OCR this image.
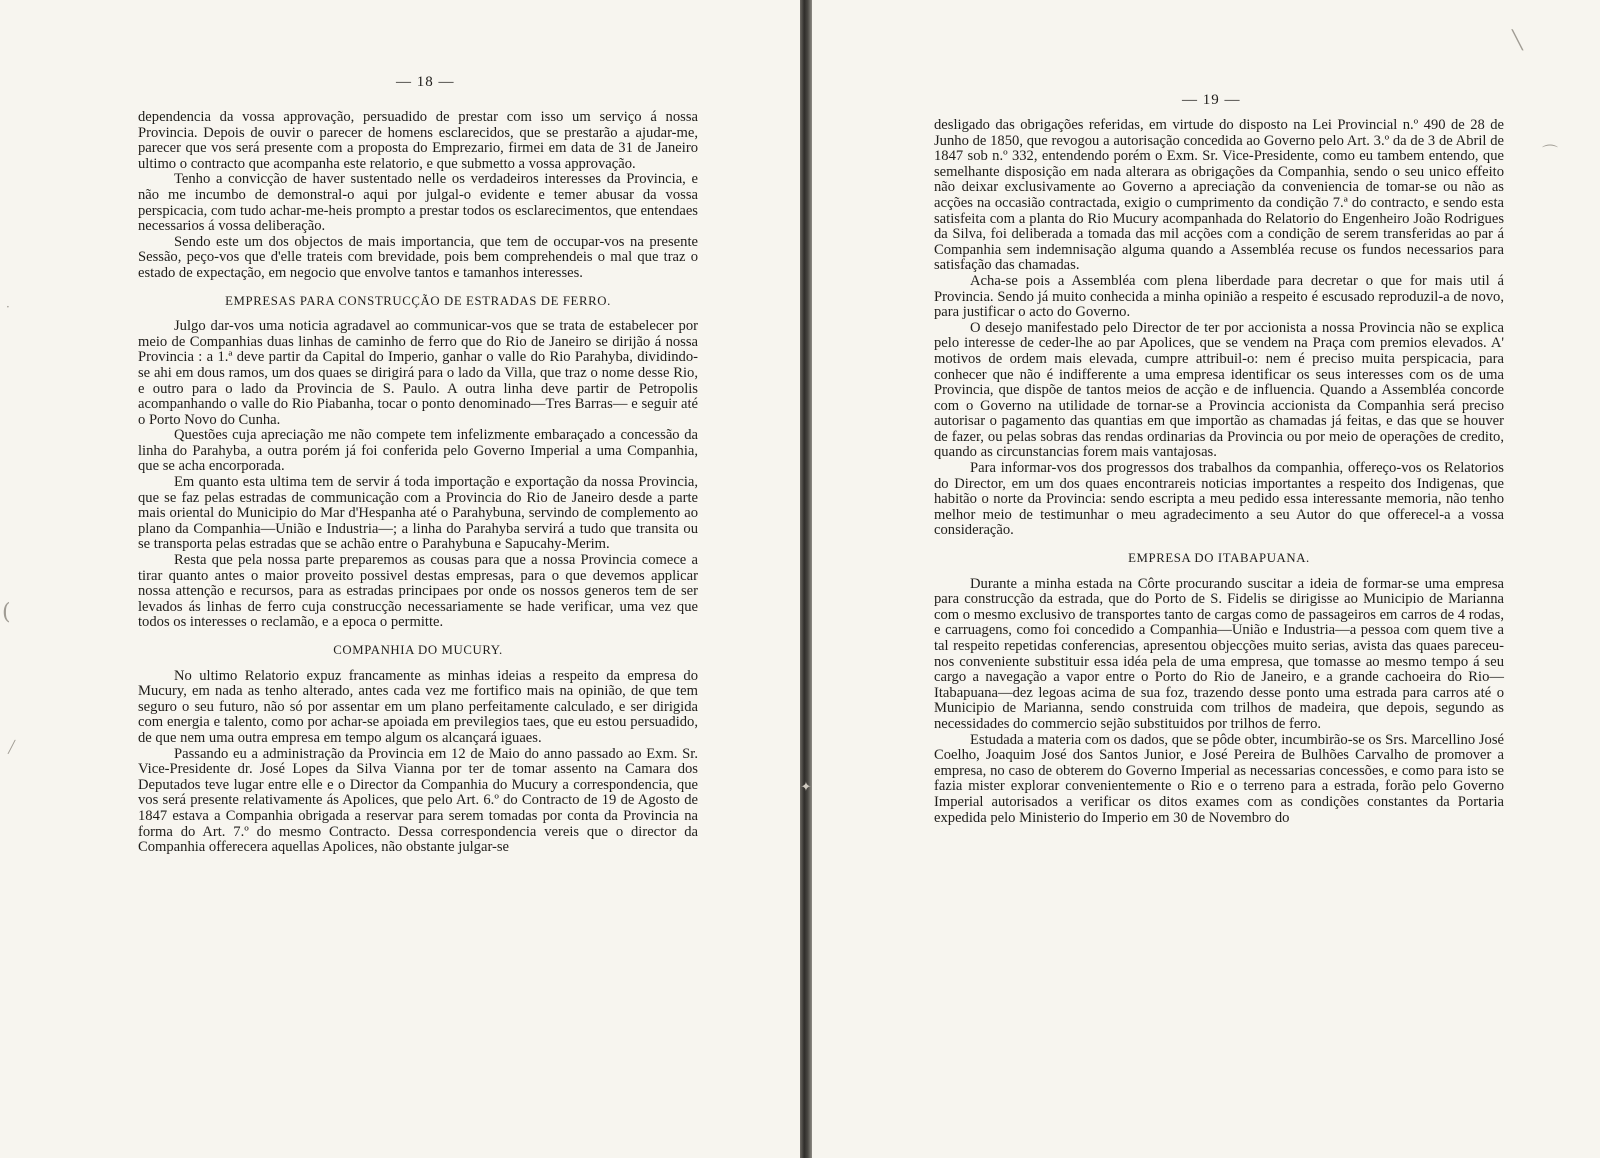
— 18 —

dependencia da vossa approvação, persuadido de prestar com isso um serviço á nossa Provincia. Depois de ouvir o parecer de homens esclarecidos, que se prestarão a ajudar-me, parecer que vos será presente com a proposta do Emprezario, firmei em data de 31 de Janeiro ultimo o contracto que acompanha este relatorio, e que submetto a vossa approvação.

Tenho a convicção de haver sustentado nelle os verdadeiros interesses da Provincia, e não me incumbo de demonstral-o aqui por julgal-o evidente e temer abusar da vossa perspicacia, com tudo achar-me-heis prompto a prestar todos os esclarecimentos, que entendaes necessarios á vossa deliberação.

Sendo este um dos objectos de mais importancia, que tem de occupar-vos na presente Sessão, peço-vos que d'elle trateis com brevidade, pois bem comprehendeis o mal que traz o estado de expectação, em negocio que envolve tantos e tamanhos interesses.

EMPRESAS PARA CONSTRUCÇÃO DE ESTRADAS DE FERRO.

Julgo dar-vos uma noticia agradavel ao communicar-vos que se trata de estabelecer por meio de Companhias duas linhas de caminho de ferro que do Rio de Janeiro se dirijão á nossa Provincia : a 1.ª deve partir da Capital do Imperio, ganhar o valle do Rio Parahyba, dividindo-se ahi em dous ramos, um dos quaes se dirigirá para o lado da Villa, que traz o nome desse Rio, e outro para o lado da Provincia de S. Paulo. A outra linha deve partir de Petropolis acompanhando o valle do Rio Piabanha, tocar o ponto denominado—Tres Barras— e seguir até o Porto Novo do Cunha.

Questões cuja apreciação me não compete tem infelizmente embaraçado a concessão da linha do Parahyba, a outra porém já foi conferida pelo Governo Imperial a uma Companhia, que se acha encorporada.

Em quanto esta ultima tem de servir á toda importação e exportação da nossa Provincia, que se faz pelas estradas de communicação com a Provincia do Rio de Janeiro desde a parte mais oriental do Municipio do Mar d'Hespanha até o Parahybuna, servindo de complemento ao plano da Companhia—União e Industria—; a linha do Parahyba servirá a tudo que transita ou se transporta pelas estradas que se achão entre o Parahybuna e Sapucahy-Merim.

Resta que pela nossa parte preparemos as cousas para que a nossa Provincia comece a tirar quanto antes o maior proveito possivel destas empresas, para o que devemos applicar nossa attenção e recursos, para as estradas principaes por onde os nossos generos tem de ser levados ás linhas de ferro cuja construcção necessariamente se hade verificar, uma vez que todos os interesses o reclamão, e a epoca o permitte.

COMPANHIA DO MUCURY.

No ultimo Relatorio expuz francamente as minhas ideias a respeito da empresa do Mucury, em nada as tenho alterado, antes cada vez me fortifico mais na opinião, de que tem seguro o seu futuro, não só por assentar em um plano perfeitamente calculado, e ser dirigida com energia e talento, como por achar-se apoiada em previlegios taes, que eu estou persuadido, de que nem uma outra empresa em tempo algum os alcançará iguaes.

Passando eu a administração da Provincia em 12 de Maio do anno passado ao Exm. Sr. Vice-Presidente dr. José Lopes da Silva Vianna por ter de tomar assento na Camara dos Deputados teve lugar entre elle e o Director da Companhia do Mucury a correspondencia, que vos será presente relativamente ás Apolices, que pelo Art. 6.º do Contracto de 19 de Agosto de 1847 estava a Companhia obrigada a reservar para serem tomadas por conta da Provincia na forma do Art. 7.º do mesmo Contracto. Dessa correspondencia vereis que o director da Companhia offerecera aquellas Apolices, não obstante julgar-se

·
(
╱
✦
— 19 —

desligado das obrigações referidas, em virtude do disposto na Lei Provincial n.º 490 de 28 de Junho de 1850, que revogou a autorisação concedida ao Governo pelo Art. 3.º da de 3 de Abril de 1847 sob n.º 332, entendendo porém o Exm. Sr. Vice-Presidente, como eu tambem entendo, que semelhante disposição em nada alterara as obrigações da Companhia, sendo o seu unico effeito não deixar exclusivamente ao Governo a apreciação da conveniencia de tomar-se ou não as acções na occasião contractada, exigio o cumprimento da condição 7.ª do contracto, e sendo esta satisfeita com a planta do Rio Mucury acompanhada do Relatorio do Engenheiro João Rodrigues da Silva, foi deliberada a tomada das mil acções com a condição de serem transferidas ao par á Companhia sem indemnisação alguma quando a Assembléa recuse os fundos necessarios para satisfação das chamadas.

Acha-se pois a Assembléa com plena liberdade para decretar o que for mais util á Provincia. Sendo já muito conhecida a minha opinião a respeito é escusado reproduzil-a de novo, para justificar o acto do Governo.

O desejo manifestado pelo Director de ter por accionista a nossa Provincia não se explica pelo interesse de ceder-lhe ao par Apolices, que se vendem na Praça com premios elevados. A' motivos de ordem mais elevada, cumpre attribuil-o: nem é preciso muita perspicacia, para conhecer que não é indifferente a uma empresa identificar os seus interesses com os de uma Provincia, que dispõe de tantos meios de acção e de influencia. Quando a Assembléa concorde com o Governo na utilidade de tornar-se a Provincia accionista da Companhia será preciso autorisar o pagamento das quantias em que importão as chamadas já feitas, e das que se houver de fazer, ou pelas sobras das rendas ordinarias da Provincia ou por meio de operações de credito, quando as circunstancias forem mais vantajosas.

Para informar-vos dos progressos dos trabalhos da companhia, offereço-vos os Relatorios do Director, em um dos quaes encontrareis noticias importantes a respeito dos Indigenas, que habitão o norte da Provincia: sendo escripta a meu pedido essa interessante memoria, não tenho melhor meio de testimunhar o meu agradecimento a seu Autor do que offerecel-a a vossa consideração.

EMPRESA DO ITABAPUANA.

Durante a minha estada na Côrte procurando suscitar a ideia de formar-se uma empresa para construcção da estrada, que do Porto de S. Fidelis se dirigisse ao Municipio de Marianna com o mesmo exclusivo de transportes tanto de cargas como de passageiros em carros de 4 rodas, e carruagens, como foi concedido a Companhia—União e Industria—a pessoa com quem tive a tal respeito repetidas conferencias, apresentou objecções muito serias, avista das quaes pareceu-nos conveniente substituir essa idéa pela de uma empresa, que tomasse ao mesmo tempo á seu cargo a navegação a vapor entre o Porto do Rio de Janeiro, e a grande cachoeira do Rio—Itabapuana—dez legoas acima de sua foz, trazendo desse ponto uma estrada para carros até o Municipio de Marianna, sendo construida com trilhos de madeira, que depois, segundo as necessidades do commercio sejão substituidos por trilhos de ferro.

Estudada a materia com os dados, que se pôde obter, incumbirão-se os Srs. Marcellino José Coelho, Joaquim José dos Santos Junior, e José Pereira de Bulhões Carvalho de promover a empresa, no caso de obterem do Governo Imperial as necessarias concessões, e como para isto se fazia mister explorar convenientemente o Rio e o terreno para a estrada, forão pelo Governo Imperial autorisados a verificar os ditos exames com as condições constantes da Portaria expedida pelo Ministerio do Imperio em 30 de Novembro do

╲
⌒
